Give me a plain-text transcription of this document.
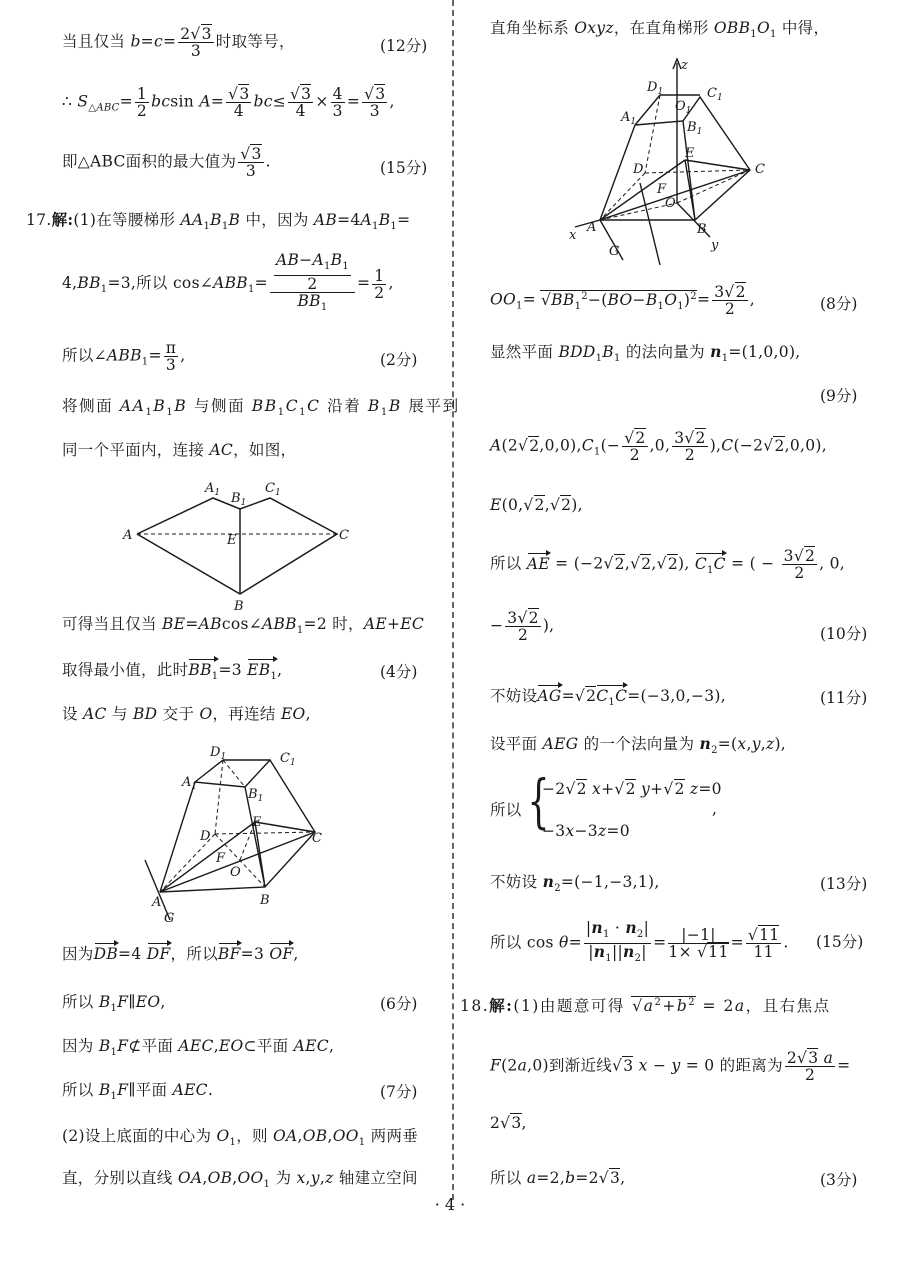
当且仅当 $b=c= \frac{2√3}{3}$ 时取等号，	(12分)
∴ $S_{\triangle ABC}= \frac{1}{2}$ bcsin $A= \frac{√3}{4} bc\le \frac{√3}{4} \times \frac{4}{3} = \frac{√3}{3}$ ,
即△ABC面积的最大值为 $\frac{√3}{3}$ .	(15分)
17.解:(1)在等腰梯形 $AA_1B_1B$ 中，因为 $AB=4A_1B_1=$
$4,BB_1=3$,所以 $\cos\angle ABB_1= \frac{\frac{AB-A_1B_1}{2}}{BB_1} = \frac{1}{2}$ ,
所以$\angle ABB_1= \frac{\pi}{3}$ ,	(2分)
将侧面 $AA_1B_1B$ 与侧面 $BB_1C_1C$ 沿着 $B_1B$ 展平到
同一个平面内，连接 AC，如图，
A
$A_1$ $B_1$
$C_1$
E	C
B
可得当且仅当 $BE=ABcos\angle ABB_1=2$ 时，AE+EC
取得最小值，此时$BB_1=3$ $EB_1$,	(4分)
设 AC 与 BD 交于 O，再连结 EO,
$D_1$	$C_1$
$A_1$	$B_1$
D
E
F
O
C
A	B
G
因为DB=4 DF，所以BF=3 OF,
所以 $B_1F\parallel EO$,	(6分)
因为 $B_1F⊄$平面 AEC,EO⊂平面 AEC,
所以 $B_1F\parallel$平面 AEC.	(7分)
(2)设上底面的中心为 $O_1$，则 $OA,OB,OO_1$ 两两垂
直，分别以直线 $OA,OB,OO_1$ 为 x,y,z 轴建立空间
直角坐标系 Oxyz，在直角梯形 $OBB_1O_1$ 中得，
z
$D_1$
$O_1$
$C_1$
$A_1$	$B_1$
E
D
F
O
C
x
A	B
y
G
$OO_1= √BB_1^2-(BO-B_1O_1)^2= \frac{3√2}{2}$ ,	(8分)
显然平面 $BDD_1B_1$ 的法向量为 $n_1=(1,0,0)$,
(9分)
$A(2√2,0,0),C_1(- \frac{√2}{2} ,0$, $\frac{3√2}{2} ),C(-2√2,0,0)$,
E(0,√2,√2),
所以 AE = (−2√2,√2,√2), $C_1C$ = ( − $\frac{3√2}{2}$ , 0,
− $\frac{3√2}{2}$ ),	(10分)
不妨设$AG=√2C_1C=(-3,0,-3)$,	(11分)
设平面 AEG 的一个法向量为 $n_2=(x,y,z)$,
所以 {
−2√2 x+√2 y+√2 z=0
,
−3x−3z=0
不妨设 $n_2=(-1,-3,1)$,	(13分)
所以 $\cos \theta= \frac{|n_1 \cdot n_2|}{|n_1||n_2|} = \frac{|-1|}{1\times √11} = \frac{√11}{11}$ . (15分)
18.解:(1)由题意可得 $√a^2+b^2 = 2a$，且右焦点
F(2a,0)到渐近线√3 x − y = 0 的距离为 $\frac{2√3 a}{2}$ =
2√3,
所以 a=2,b=2√3,	(3分)
· 4 ·
